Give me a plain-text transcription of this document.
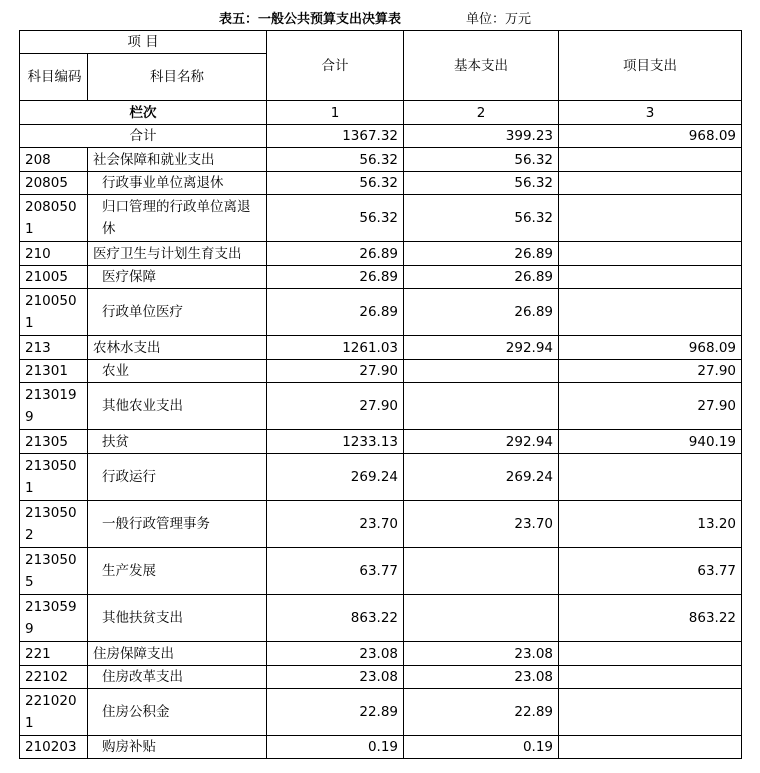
表五：一般公共预算支出决算表	单位：万元
项 目		合计	基本支出	项目支出
科目编码	科目名称			
栏次		1	2	3
合计		1367.32	399.23	968.09
208	社会保障和就业支出	56.32	56.32	
20805	行政事业单位离退休	56.32	56.32	
2080501	归口管理的行政单位离退休	56.32	56.32	
210	医疗卫生与计划生育支出	26.89	26.89	
21005	医疗保障	26.89	26.89	
2100501	行政单位医疗	26.89	26.89	
213	农林水支出	1261.03	292.94	968.09
21301	农业	27.90		27.90
2130199	其他农业支出	27.90		27.90
21305	扶贫	1233.13	292.94	940.19
2130501	行政运行	269.24	269.24	
2130502	一般行政管理事务	23.70	23.70	13.20
2130505	生产发展	63.77		63.77
2130599	其他扶贫支出	863.22		863.22
221	住房保障支出	23.08	23.08	
22102	住房改革支出	23.08	23.08	
2210201	住房公积金	22.89	22.89	
210203	购房补贴	0.19	0.19	
